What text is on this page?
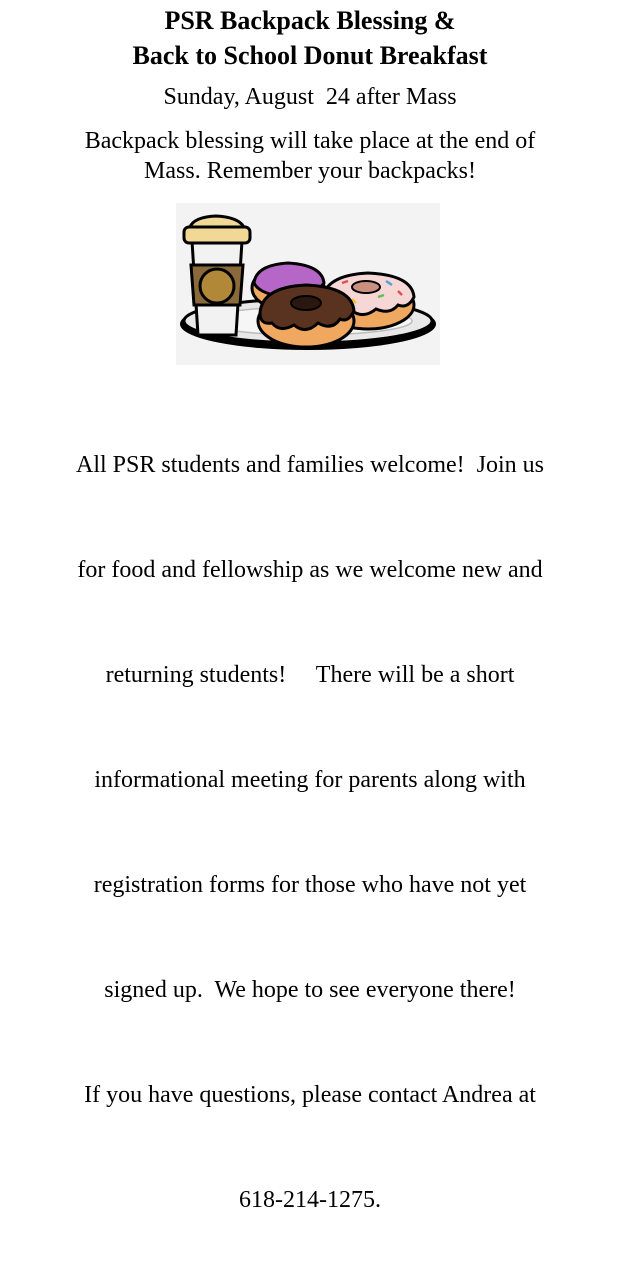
PSR Backpack Blessing &
Back to School Donut Breakfast
Sunday, August  24 after Mass
Backpack blessing will take place at the end of
Mass. Remember your backpacks!

All PSR students and families welcome!  Join us

for food and fellowship as we welcome new and

returning students!     There will be a short

informational meeting for parents along with

registration forms for those who have not yet

signed up.  We hope to see everyone there!

If you have questions, please contact Andrea at

618-214-1275.
